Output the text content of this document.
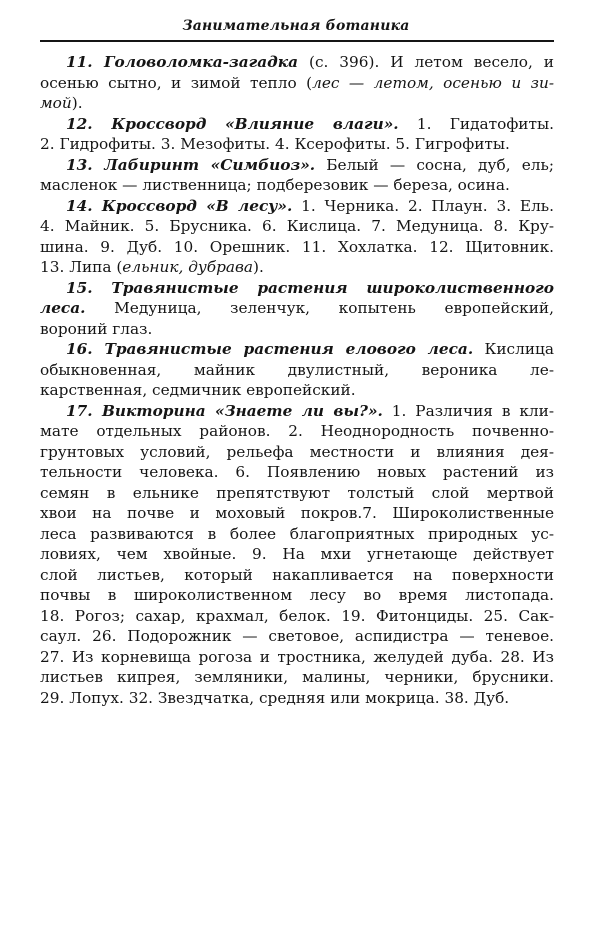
Занимательная ботаника
11. Головоломка-загадка (с. 396). И летом весело, и
осенью сытно, и зимой тепло (лес — летом, осенью и зи-
мой).
12. Кроссворд «Влияние влаги». 1. Гидатофиты.
2. Гидрофиты. 3. Мезофиты. 4. Ксерофиты. 5. Гигрофиты.
13. Лабиринт «Симбиоз». Белый — сосна, дуб, ель;
масленок — лиственница; подберезовик — береза, осина.
14. Кроссворд «В лесу». 1. Черника. 2. Плаун. 3. Ель.
4. Майник. 5. Брусника. 6. Кислица. 7. Медуница. 8. Кру-
шина. 9. Дуб. 10. Орешник. 11. Хохлатка. 12. Щитовник.
13. Липа (ельник, дубрава).
15. Травянистые растения широколиственного
леса. Медуница, зеленчук, копытень европейский,
вороний глаз.
16. Травянистые растения елового леса. Кислица
обыкновенная, майник двулистный, вероника ле-
карственная, седмичник европейский.
17. Викторина «Знаете ли вы?». 1. Различия в кли-
мате отдельных районов. 2. Неоднородность почвенно-
грунтовых условий, рельефа местности и влияния дея-
тельности человека. 6. Появлению новых растений из
семян в ельнике препятствуют толстый слой мертвой
хвои на почве и моховый покров.7. Широколиственные
леса развиваются в более благоприятных природных ус-
ловиях, чем хвойные. 9. На мхи угнетающе действует
слой листьев, который накапливается на поверхности
почвы в широколиственном лесу во время листопада.
18. Рогоз; сахар, крахмал, белок. 19. Фитонциды. 25. Сак-
саул. 26. Подорожник — световое, аспидистра — теневое.
27. Из корневища рогоза и тростника, желудей дуба. 28. Из
листьев кипрея, земляники, малины, черники, брусники.
29. Лопух. 32. Звездчатка, средняя или мокрица. 38. Дуб.
